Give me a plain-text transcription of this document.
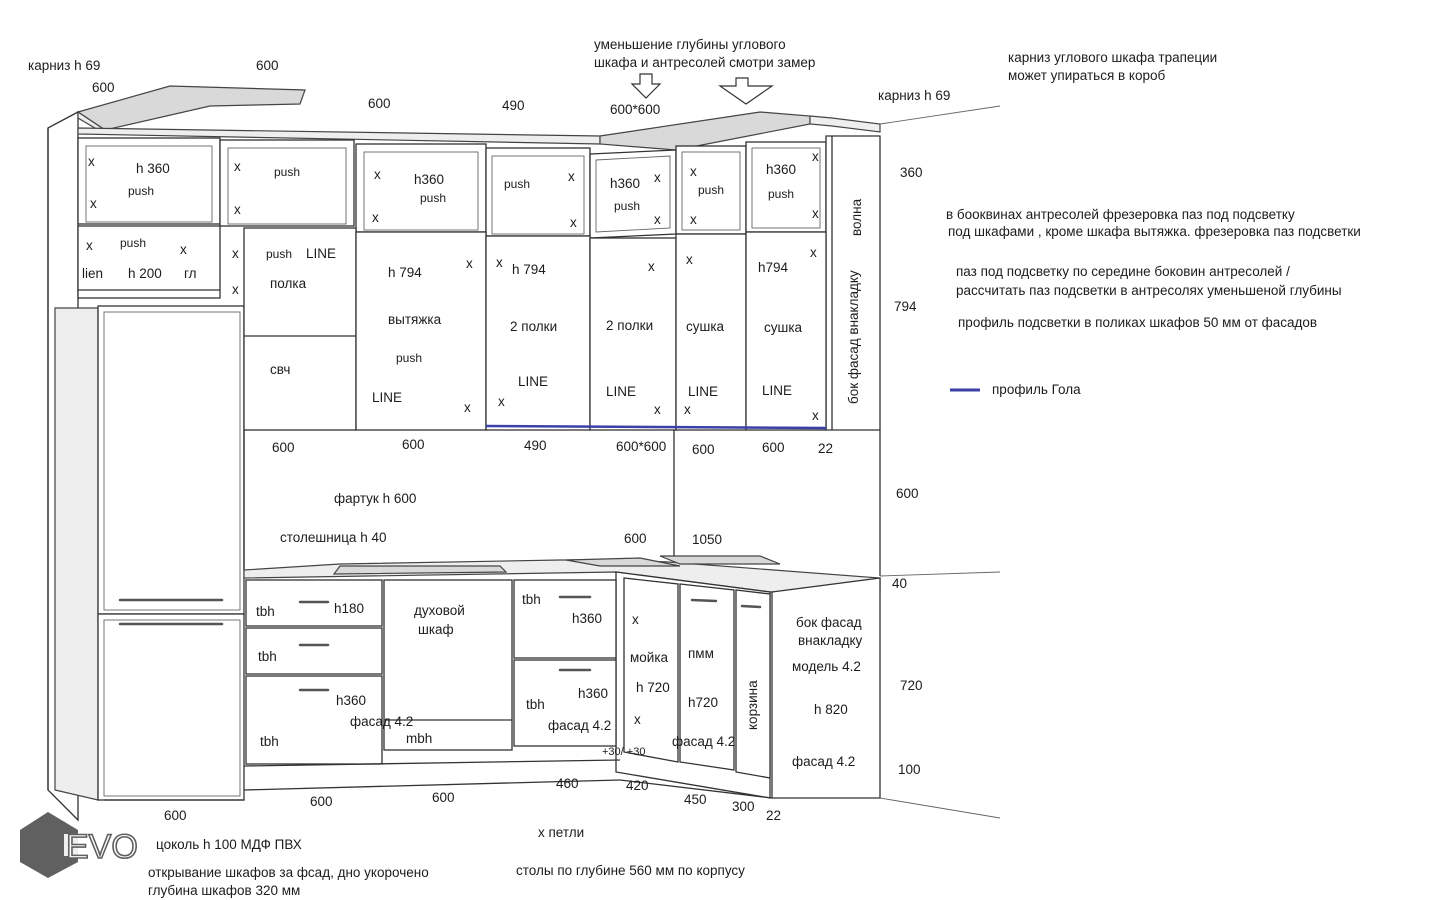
карниз h 69	600
600
600	490	600*600
уменьшение глубины углового
шкафа и антресолей смотри замер
карниз h 69
карниз углового шкафа трапеции
может упираться в короб
x	h 360
push
x
x	push
x
x h360
push
x
push	x
x
h360
push
x
x
x
push
x
h360
push
x
x волна
360
x push	x
lien h 200 гл
x push LINE
полка
x
свч
h 794
x
вытяжка
push
LINE
x
x h 794
2 полки
LINE
x
x
2 полки
LINE
x
x
сушка
LINE
x
h794
x
сушка
LINE
x
бок фасад внакладку 794
600	600	490	600*600 600	600 22
фартук h 600
столешница h 40	600	1050
600
40
в бооквинах антресолей фрезеровка паз под подсветку
под шкафами , кроме шкафа вытяжка. фрезеровка паз подсветки
паз под подсветку по середине боковин антресолей /
рассчитать паз подсветки в антресолях уменьшеной глубины
профиль подсветки в поликах шкафов 50 мм от фасадов
профиль Гола
tbh	h180
tbh
h360
фасад 4.2
tbh
духовой
шкаф
mbh
tbh
h360
h360
tbh
фасад 4.2
x
мойка
h 720
x
+30/ +30
пмм
h720
фасад 4.2
корзина
бок фасад
внакладку
модель 4.2
h 820
фасад 4.2
720
100
600
600	600
460	420
450 300
22
х петли
цоколь h 100 МДФ ПВХ
открывание шкафов за фсад, дно укорочено
глубина шкафов 320 мм
столы по глубине 560 мм по корпусу
EVO
